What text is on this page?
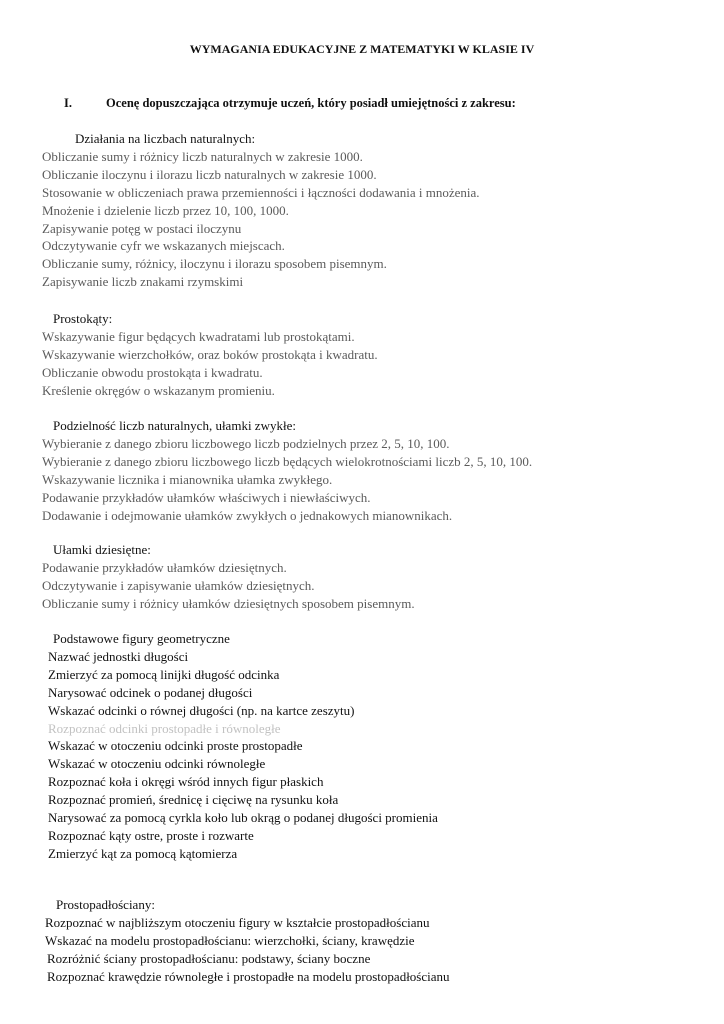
WYMAGANIA EDUKACYJNE Z MATEMATYKI W KLASIE IV
I.	Ocenę dopuszczająca otrzymuje uczeń, który posiadł umiejętności z zakresu:
Działania na liczbach naturalnych:
Obliczanie sumy i różnicy liczb naturalnych w zakresie 1000.
Obliczanie iloczynu i ilorazu liczb naturalnych w zakresie 1000.
Stosowanie w obliczeniach prawa przemienności i łączności dodawania i mnożenia.
Mnożenie i dzielenie liczb przez 10, 100, 1000.
Zapisywanie potęg w postaci iloczynu
Odczytywanie cyfr we wskazanych miejscach.
Obliczanie sumy, różnicy, iloczynu i ilorazu sposobem pisemnym.
Zapisywanie liczb znakami rzymskimi
Prostokąty:
Wskazywanie figur będących kwadratami lub prostokątami.
Wskazywanie wierzchołków, oraz boków prostokąta i kwadratu.
Obliczanie obwodu prostokąta i kwadratu.
Kreślenie okręgów o wskazanym promieniu.
Podzielność liczb naturalnych, ułamki zwykłe:
Wybieranie z danego zbioru liczbowego liczb podzielnych przez 2, 5, 10, 100.
Wybieranie z danego zbioru liczbowego liczb będących wielokrotnościami liczb 2, 5, 10, 100.
Wskazywanie licznika i mianownika ułamka zwykłego.
Podawanie przykładów ułamków właściwych i niewłaściwych.
Dodawanie i odejmowanie ułamków zwykłych o jednakowych mianownikach.
Ułamki dziesiętne:
Podawanie przykładów ułamków dziesiętnych.
Odczytywanie i zapisywanie ułamków dziesiętnych.
Obliczanie sumy i różnicy ułamków dziesiętnych sposobem pisemnym.
Podstawowe figury geometryczne
Nazwać jednostki długości
Zmierzyć za pomocą linijki długość odcinka
Narysować odcinek o podanej długości
Wskazać odcinki o równej długości (np. na kartce zeszytu)
Rozpoznać odcinki prostopadłe i równoległe
Wskazać w otoczeniu odcinki proste prostopadłe
Wskazać w otoczeniu odcinki równoległe
Rozpoznać koła i okręgi wśród innych figur płaskich
Rozpoznać promień, średnicę i cięciwę na rysunku koła
Narysować za pomocą cyrkla koło lub okrąg o podanej długości promienia
Rozpoznać kąty ostre, proste i rozwarte
Zmierzyć kąt za pomocą kątomierza
Prostopadłościany:
Rozpoznać w najbliższym otoczeniu figury w kształcie prostopadłościanu
Wskazać na modelu prostopadłościanu: wierzchołki, ściany, krawędzie
Rozróżnić ściany prostopadłościanu: podstawy, ściany boczne
Rozpoznać krawędzie równoległe i prostopadłe na modelu prostopadłościanu
